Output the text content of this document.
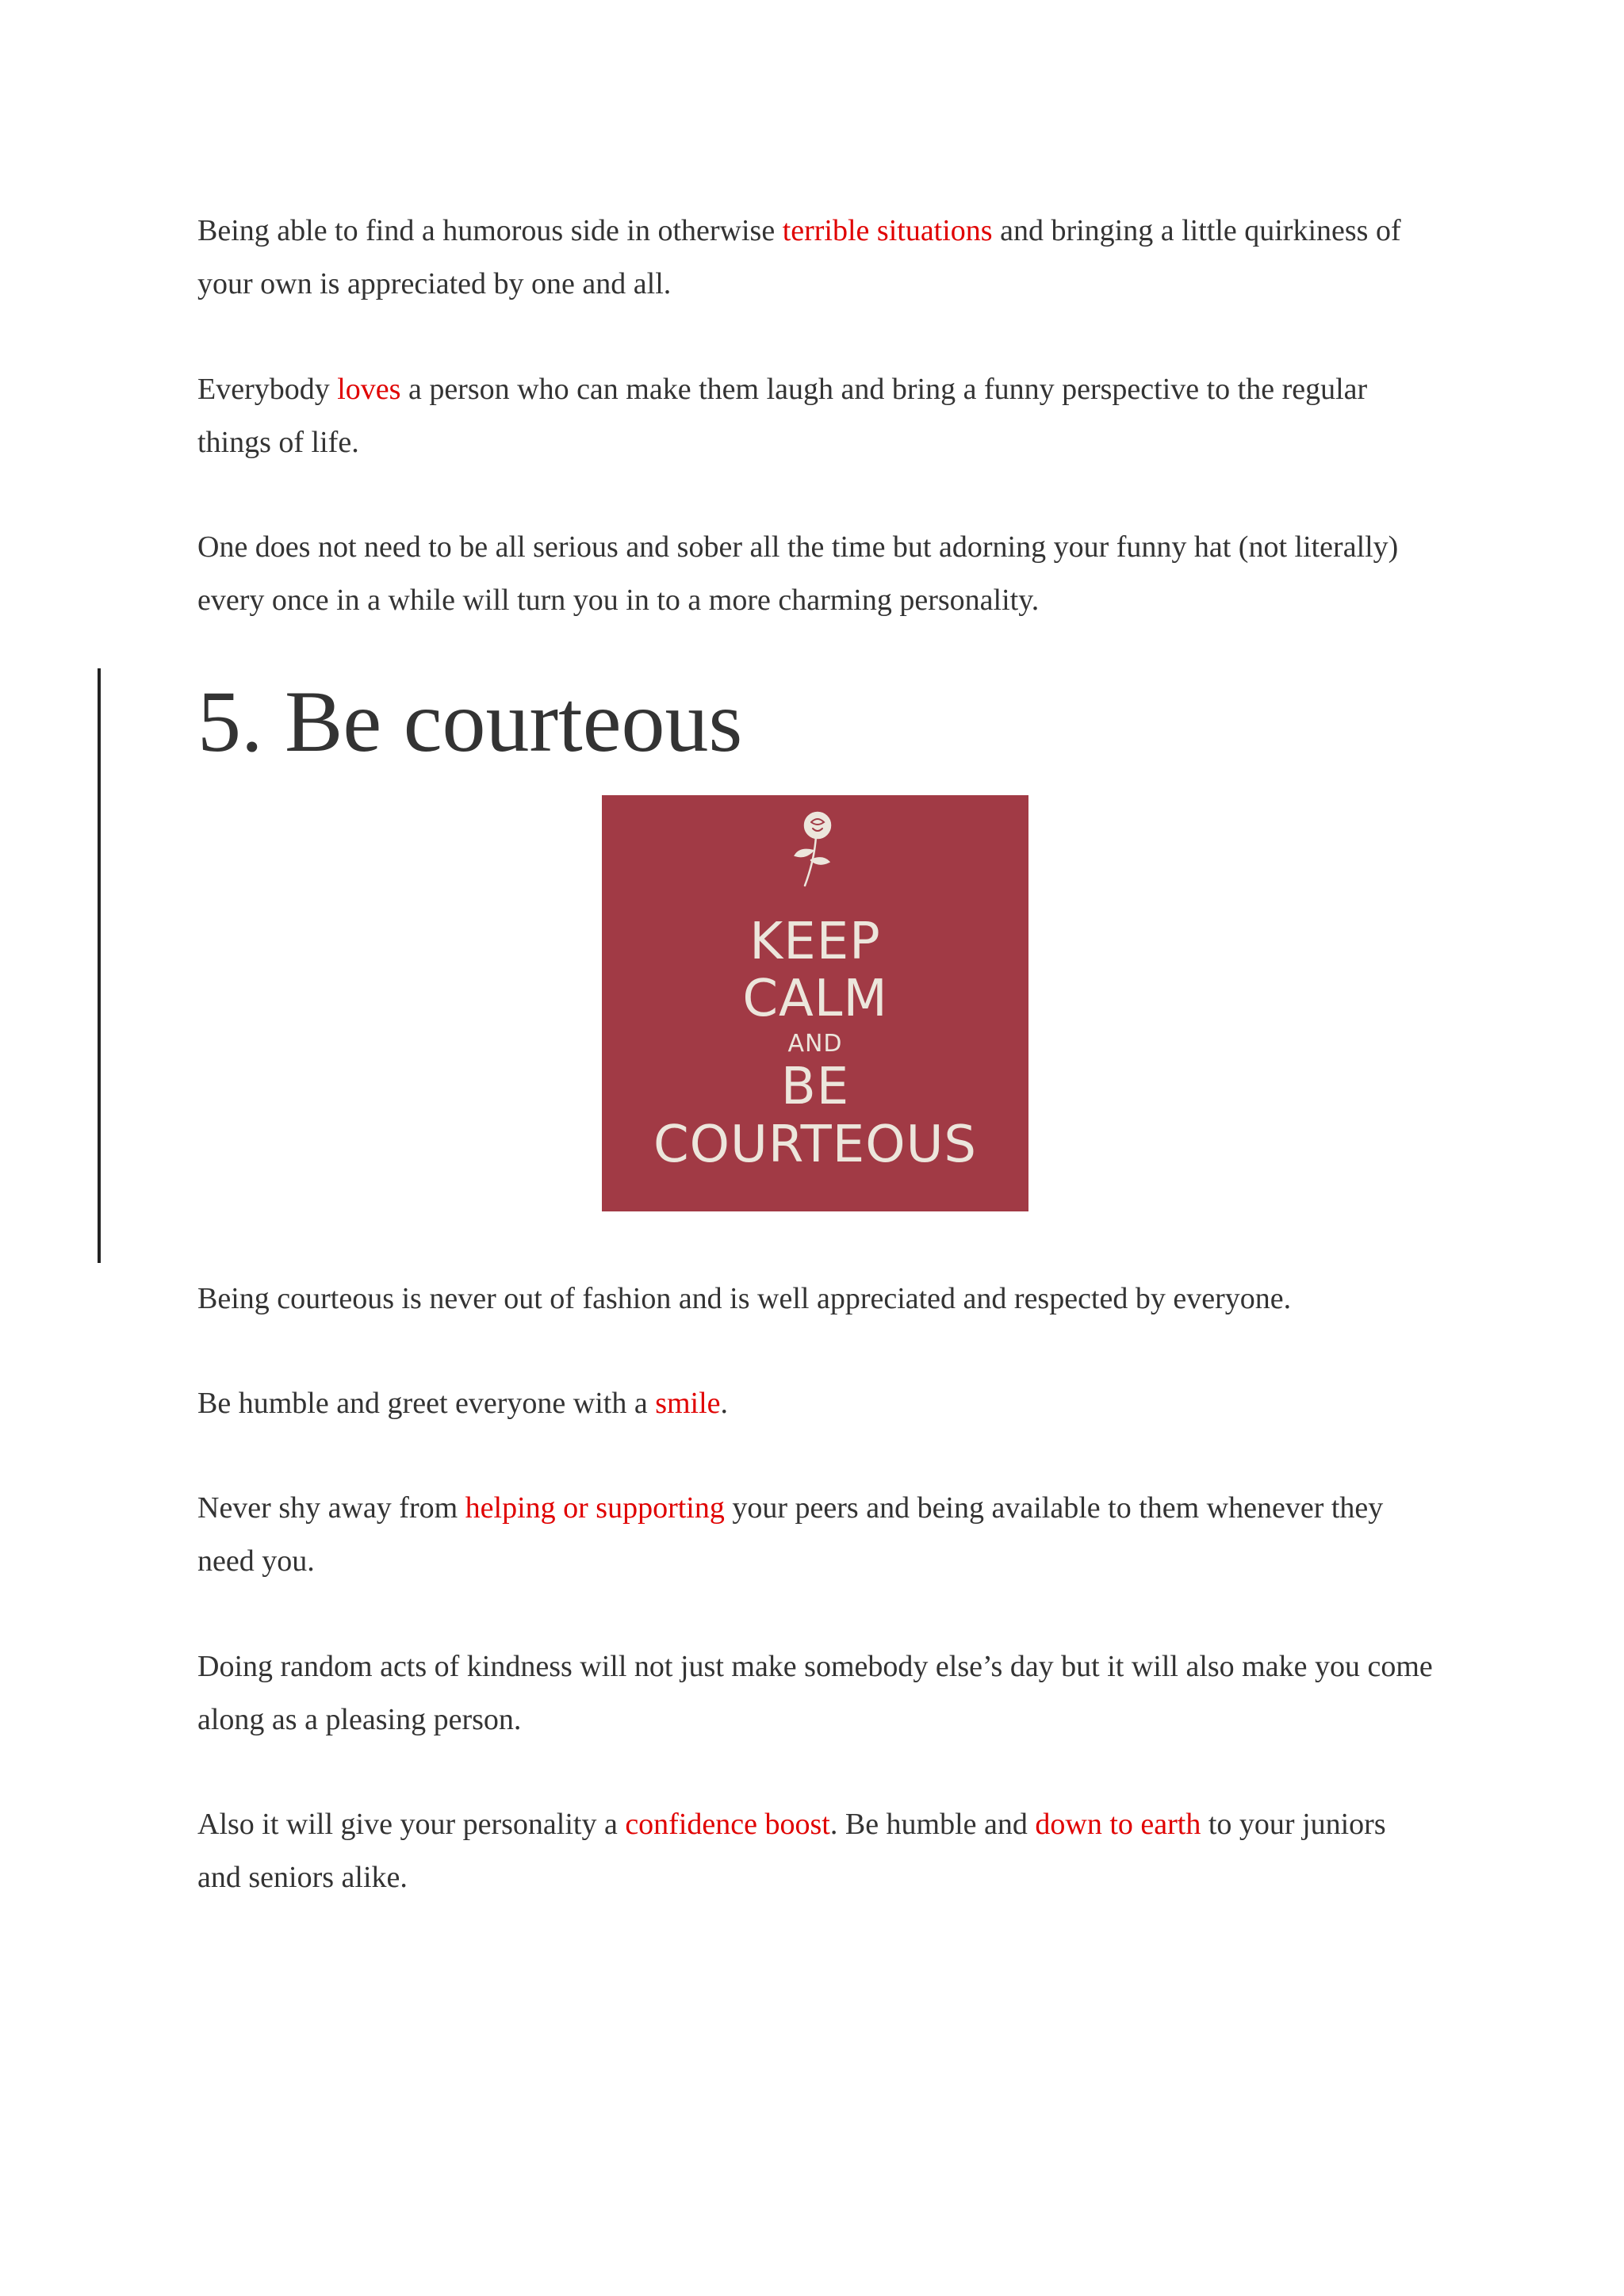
Being able to find a humorous side in otherwise terrible situations and bringing a little quirkiness of your own is appreciated by one and all.

Everybody loves a person who can make them laugh and bring a funny perspective to the regular things of life.

One does not need to be all serious and sober all the time but adorning your funny hat (not literally) every once in a while will turn you in to a more charming personality.

5. Be courteous

KEEP

CALM

AND

BE

COURTEOUS

Being courteous is never out of fashion and is well appreciated and respected by everyone.

Be humble and greet everyone with a smile.

Never shy away from helping or supporting your peers and being available to them whenever they need you.

Doing random acts of kindness will not just make somebody else’s day but it will also make you come along as a pleasing person.

Also it will give your personality a confidence boost. Be humble and down to earth to your juniors and seniors alike.
